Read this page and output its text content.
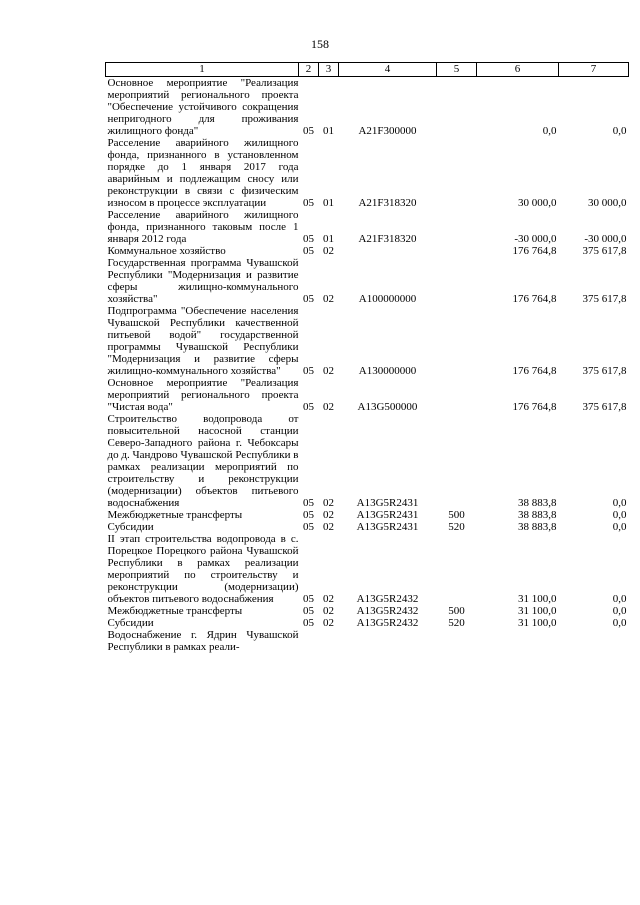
158
1	2	3	4	5	6	7
Основное мероприятие "Реализация мероприятий регионального проекта "Обеспечение устойчивого сокращения непригодного для проживания жилищного фонда"	05	01	A21F300000		0,0	0,0
Расселение аварийного жилищного фонда, признанного в установленном порядке до 1 января 2017 года аварийным и подлежащим сносу или реконструкции в связи с физическим износом в процессе эксплуатации	05	01	A21F318320		30 000,0	30 000,0
Расселение аварийного жилищного фонда, признанного таковым после 1 января 2012 года	05	01	A21F318320		-30 000,0	-30 000,0
Коммунальное хозяйство	05	02			176 764,8	375 617,8
Государственная программа Чувашской Республики "Модернизация и развитие сферы жилищно-коммунального хозяйства"	05	02	A100000000		176 764,8	375 617,8
Подпрограмма "Обеспечение населения Чувашской Республики качественной питьевой водой" государственной программы Чувашской Республики "Модернизация и развитие сферы жилищно-коммунального хозяйства"	05	02	A130000000		176 764,8	375 617,8
Основное мероприятие "Реализация мероприятий регионального проекта "Чистая вода"	05	02	A13G500000		176 764,8	375 617,8
Строительство водопровода от повысительной насосной станции Северо-Западного района г. Чебоксары до д. Чандрово Чувашской Республики в рамках реализации мероприятий по строительству и реконструкции (модернизации) объектов питьевого водоснабжения	05	02	A13G5R2431		38 883,8	0,0
Межбюджетные трансферты	05	02	A13G5R2431	500	38 883,8	0,0
Субсидии	05	02	A13G5R2431	520	38 883,8	0,0
II этап строительства водопровода в с. Порецкое Порецкого района Чувашской Республики в рамках реализации мероприятий по строительству и реконструкции (модернизации) объектов питьевого водоснабжения	05	02	A13G5R2432		31 100,0	0,0
Межбюджетные трансферты	05	02	A13G5R2432	500	31 100,0	0,0
Субсидии	05	02	A13G5R2432	520	31 100,0	0,0
Водоснабжение г. Ядрин Чувашской Республики в рамках реали-						
